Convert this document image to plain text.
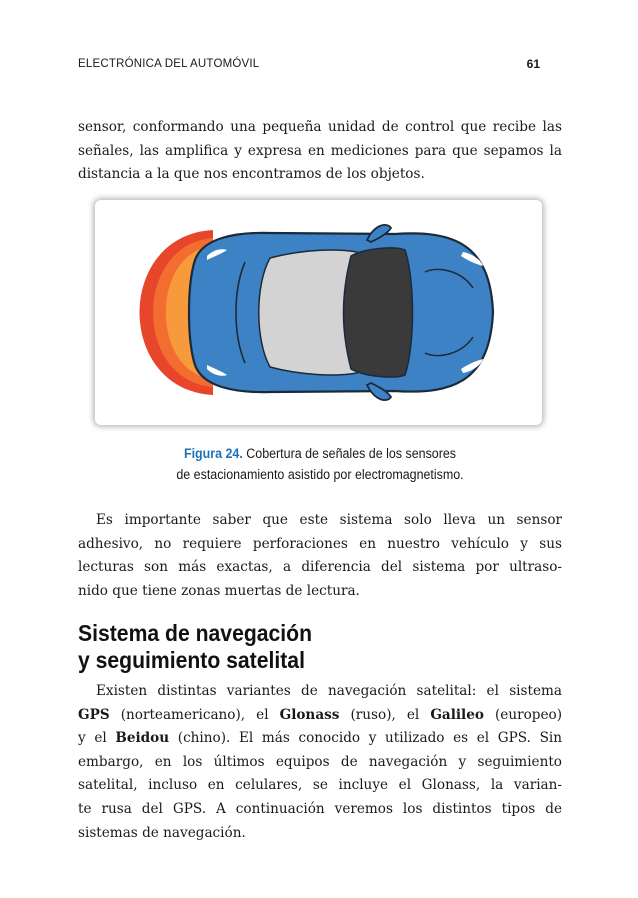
ELECTRÓNICA DEL AUTOMÓVIL	61
sensor, conformando una pequeña unidad de control que recibe las
señales, las amplifica y expresa en mediciones para que sepamos la
distancia a la que nos encontramos de los objetos.
Figura 24. Cobertura de señales de los sensores
de estacionamiento asistido por electromagnetismo.
Es importante saber que este sistema solo lleva un sensor
adhesivo, no requiere perforaciones en nuestro vehículo y sus
lecturas son más exactas, a diferencia del sistema por ultraso-
nido que tiene zonas muertas de lectura.
Sistema de navegación
y seguimiento satelital
Existen distintas variantes de navegación satelital: el sistema
GPS (norteamericano), el Glonass (ruso), el Galileo (europeo)
y el Beidou (chino). El más conocido y utilizado es el GPS. Sin
embargo, en los últimos equipos de navegación y seguimiento
satelital, incluso en celulares, se incluye el Glonass, la varian-
te rusa del GPS. A continuación veremos los distintos tipos de
sistemas de navegación.
